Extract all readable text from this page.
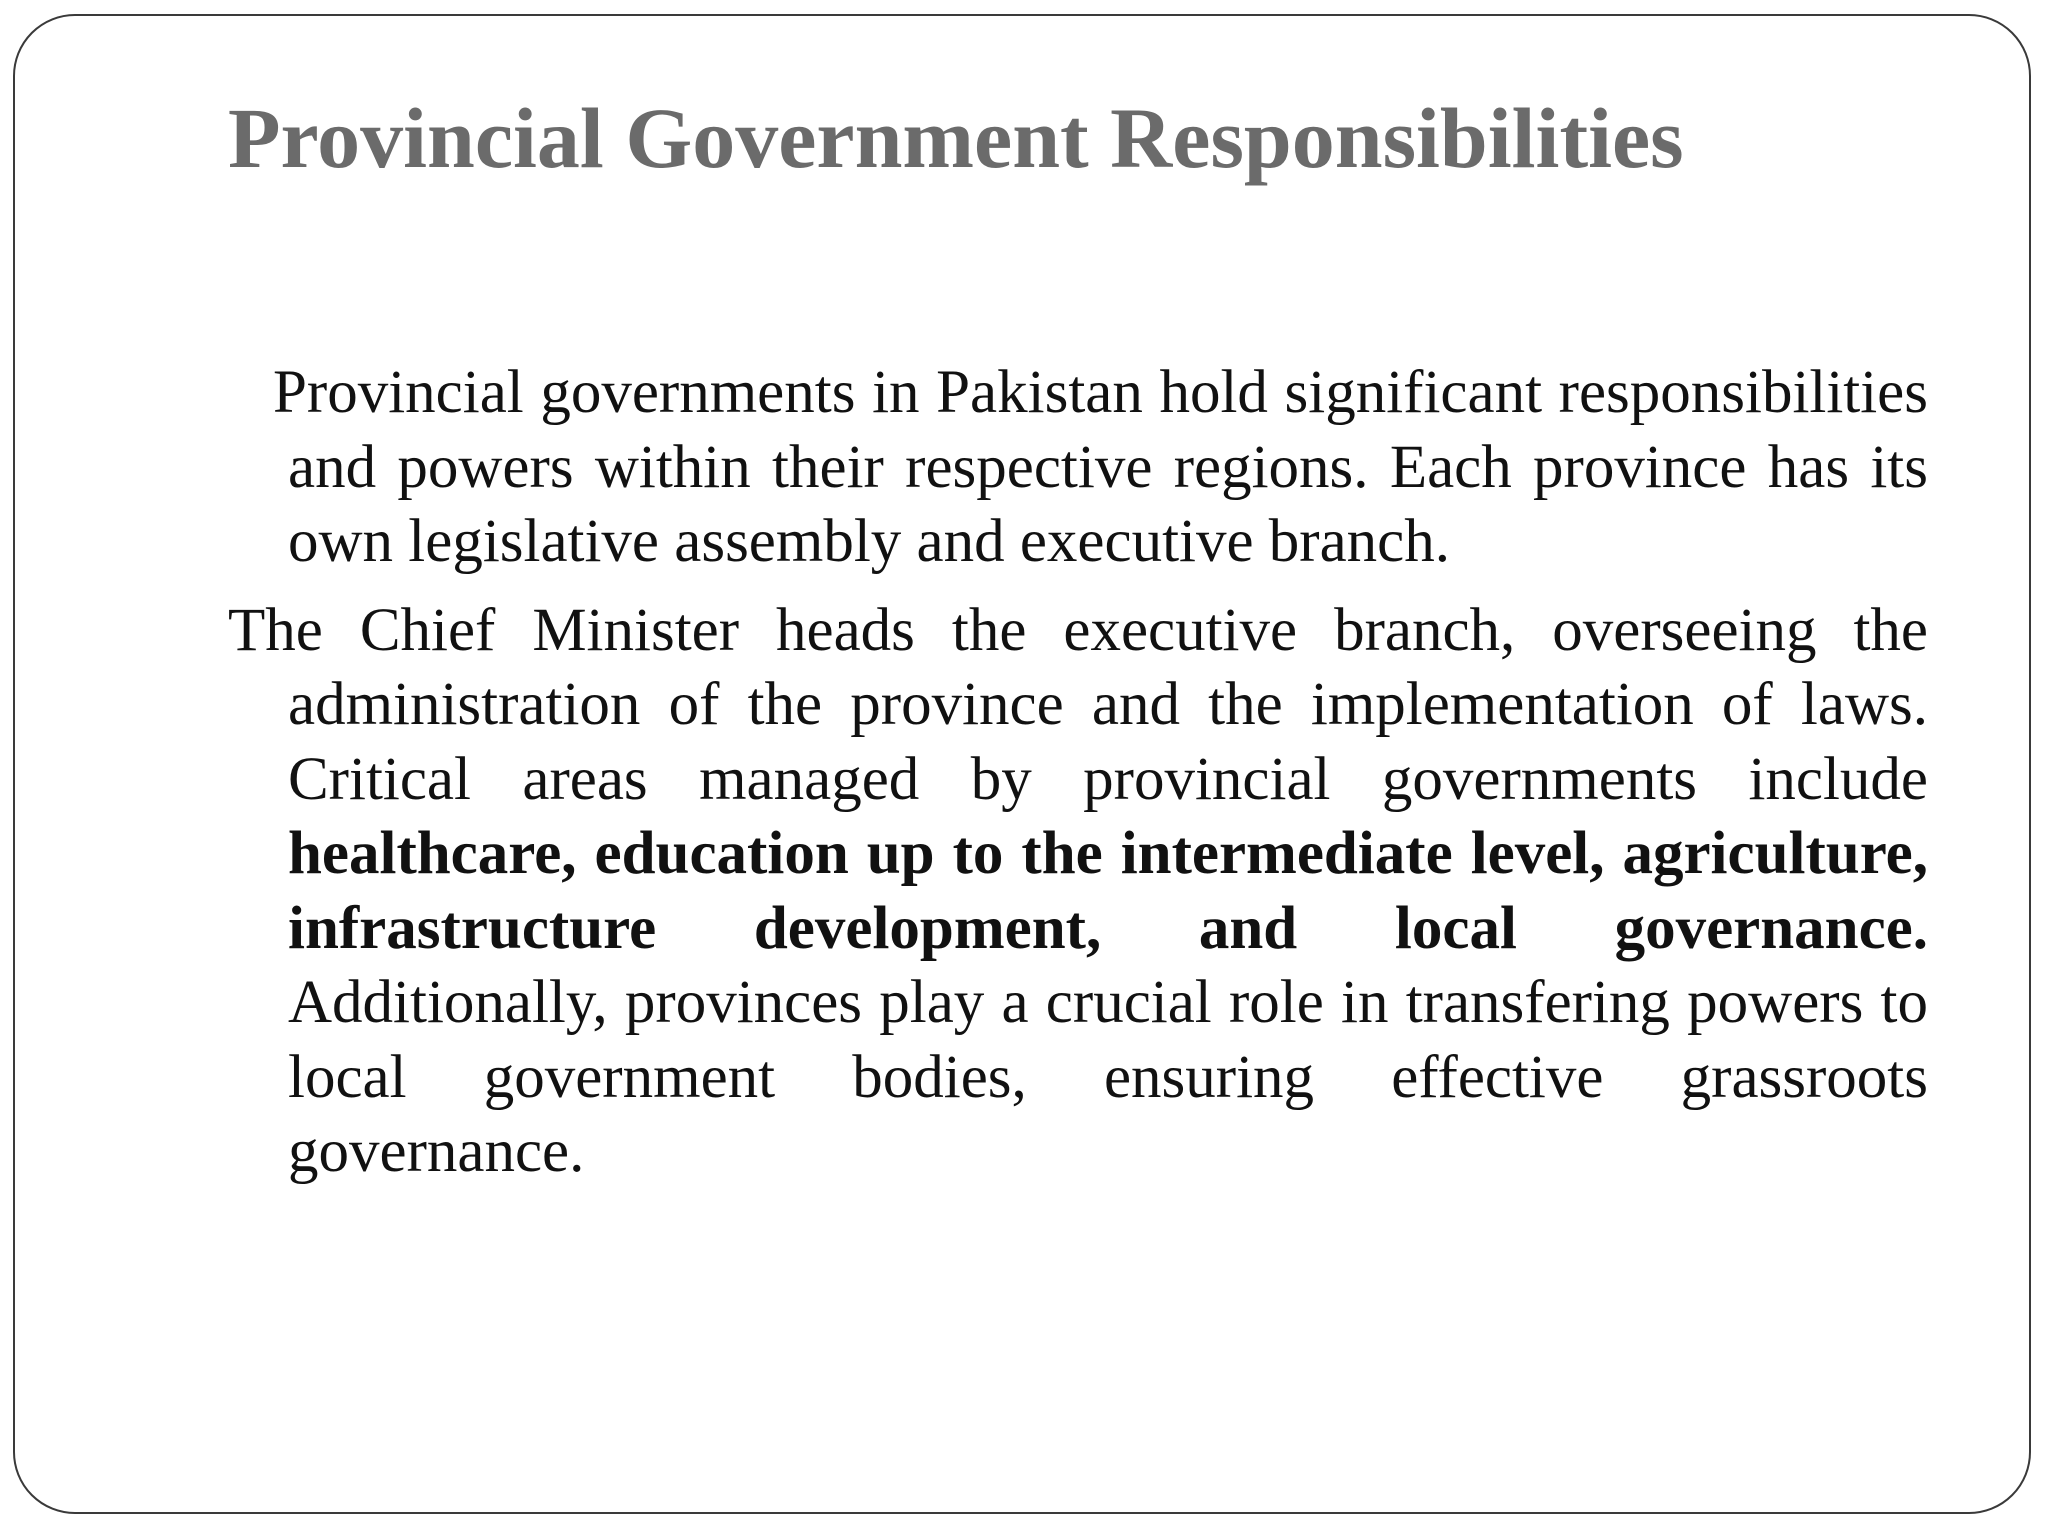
Provincial Government Responsibilities

Provincial governments in Pakistan hold significant responsibilities and powers within their respective regions. Each province has its own legislative assembly and executive branch.

The Chief Minister heads the executive branch, overseeing the administration of the province and the implementation of laws. Critical areas managed by provincial governments include healthcare, education up to the intermediate level, agriculture, infrastructure development, and local governance. Additionally, provinces play a crucial role in transfering powers to local government bodies, ensuring effective grassroots governance.
